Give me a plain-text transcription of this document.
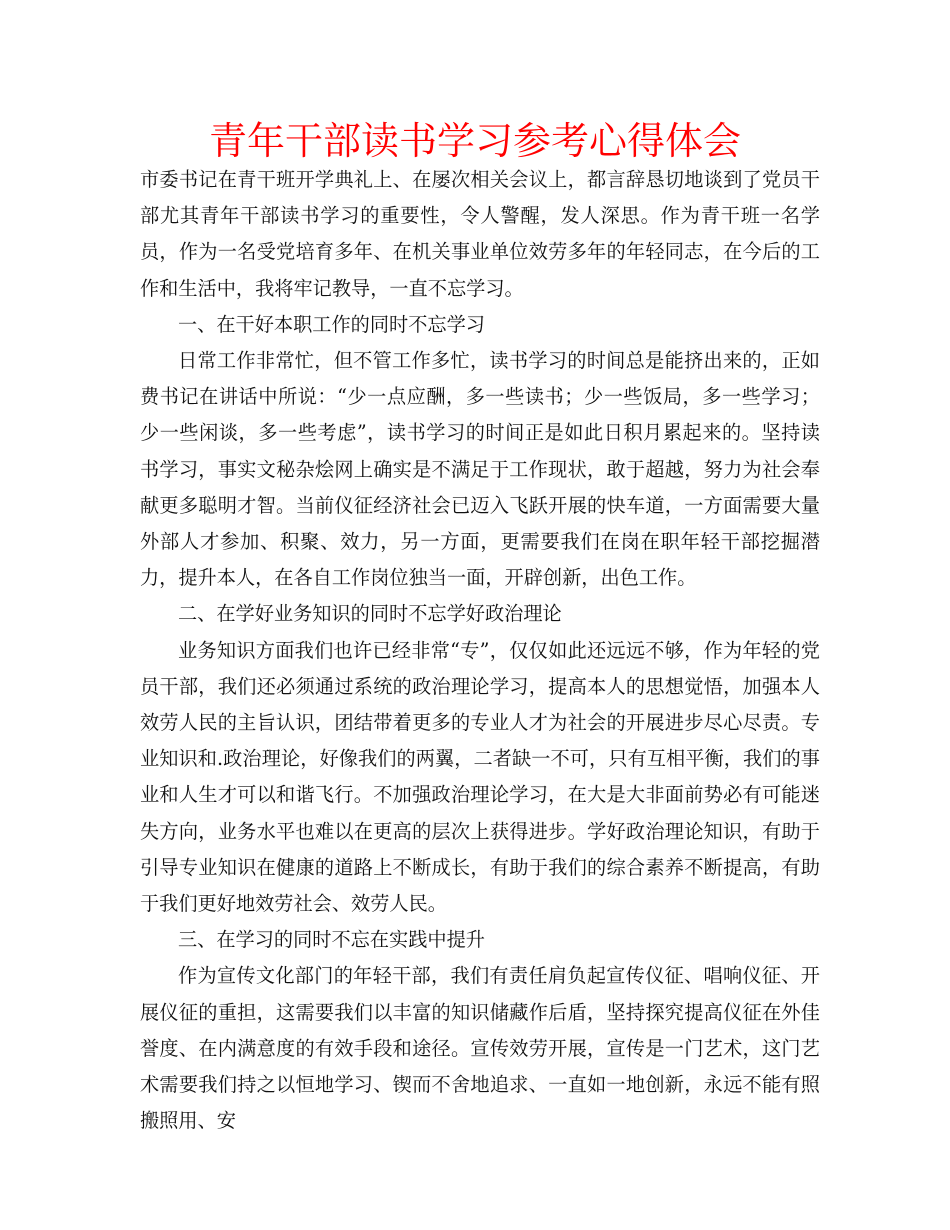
青年干部读书学习参考心得体会

市委书记在青干班开学典礼上、在屡次相关会议上，都言辞恳切地谈到了党员干部尤其青年干部读书学习的重要性，令人警醒，发人深思。作为青干班一名学员，作为一名受党培育多年、在机关事业单位效劳多年的年轻同志，在今后的工作和生活中，我将牢记教导，一直不忘学习。

一、在干好本职工作的同时不忘学习

日常工作非常忙，但不管工作多忙，读书学习的时间总是能挤出来的，正如费书记在讲话中所说：“少一点应酬，多一些读书；少一些饭局，多一些学习；少一些闲谈，多一些考虑”，读书学习的时间正是如此日积月累起来的。坚持读书学习，事实文秘杂烩网上确实是不满足于工作现状，敢于超越，努力为社会奉献更多聪明才智。当前仪征经济社会已迈入飞跃开展的快车道，一方面需要大量外部人才参加、积聚、效力，另一方面，更需要我们在岗在职年轻干部挖掘潜力，提升本人，在各自工作岗位独当一面，开辟创新，出色工作。

二、在学好业务知识的同时不忘学好政治理论

业务知识方面我们也许已经非常“专”，仅仅如此还远远不够，作为年轻的党员干部，我们还必须通过系统的政治理论学习，提高本人的思想觉悟，加强本人效劳人民的主旨认识，团结带着更多的专业人才为社会的开展进步尽心尽责。专业知识和.政治理论，好像我们的两翼，二者缺一不可，只有互相平衡，我们的事业和人生才可以和谐飞行。不加强政治理论学习，在大是大非面前势必有可能迷失方向，业务水平也难以在更高的层次上获得进步。学好政治理论知识，有助于引导专业知识在健康的道路上不断成长，有助于我们的综合素养不断提高，有助于我们更好地效劳社会、效劳人民。

三、在学习的同时不忘在实践中提升

作为宣传文化部门的年轻干部，我们有责任肩负起宣传仪征、唱响仪征、开展仪征的重担，这需要我们以丰富的知识储藏作后盾，坚持探究提高仪征在外佳誉度、在内满意度的有效手段和途径。宣传效劳开展，宣传是一门艺术，这门艺术需要我们持之以恒地学习、锲而不舍地追求、一直如一地创新，永远不能有照搬照用、安
